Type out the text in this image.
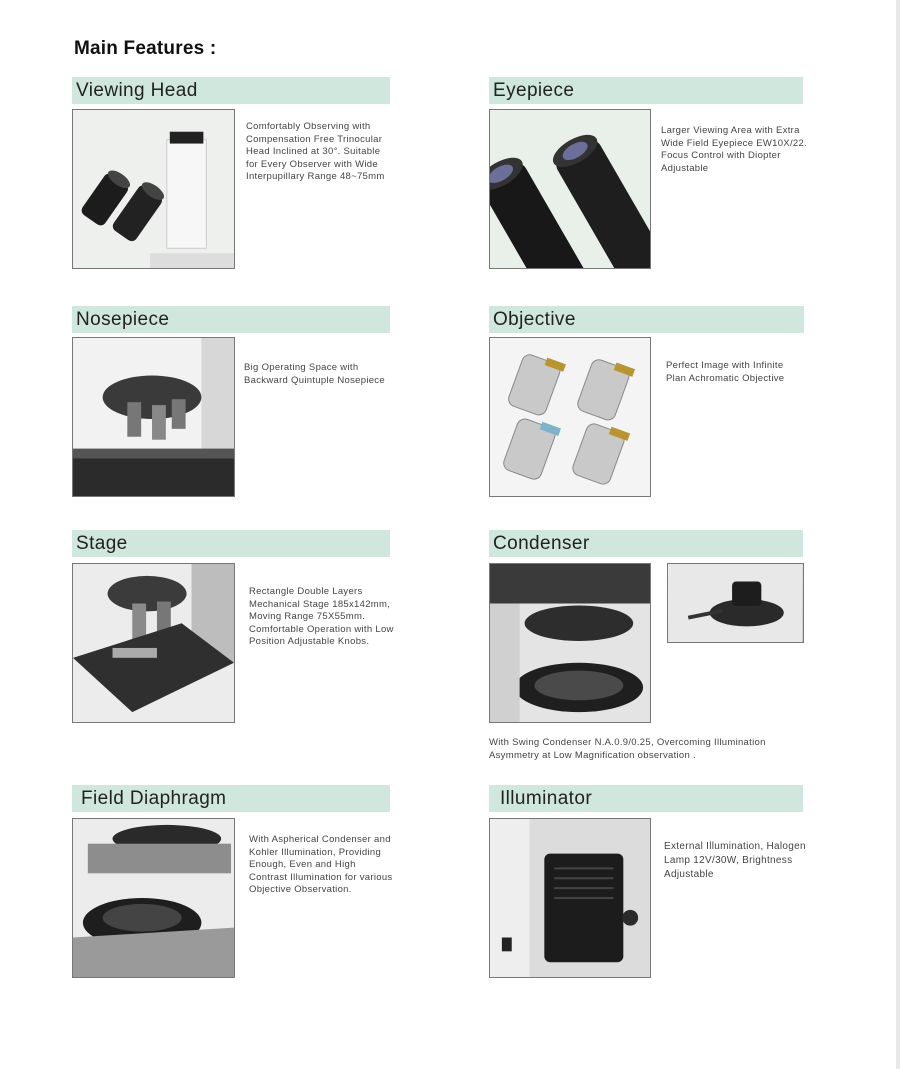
Main Features :
Viewing Head
Comfortably Observing with Compensation Free Trinocular Head Inclined at 30°. Suitable for Every Observer with Wide Interpupillary Range 48~75mm
Eyepiece
Larger Viewing Area with Extra Wide Field Eyepiece EW10X/22. Focus Control with Diopter Adjustable
Nosepiece
Big Operating Space with Backward Quintuple Nosepiece
Objective
Perfect Image with Infinite Plan Achromatic Objective
Stage
Rectangle Double Layers Mechanical Stage 185x142mm, Moving Range 75X55mm. Comfortable Operation with Low Position Adjustable Knobs.
Condenser
With Swing Condenser N.A.0.9/0.25, Overcoming Illumination Asymmetry at Low Magnification observation .
Field Diaphragm
With Aspherical Condenser and Kohler Illumination, Providing Enough, Even and High Contrast Illumination for various Objective Observation.
Illuminator
External Illumination, Halogen Lamp 12V/30W, Brightness Adjustable
